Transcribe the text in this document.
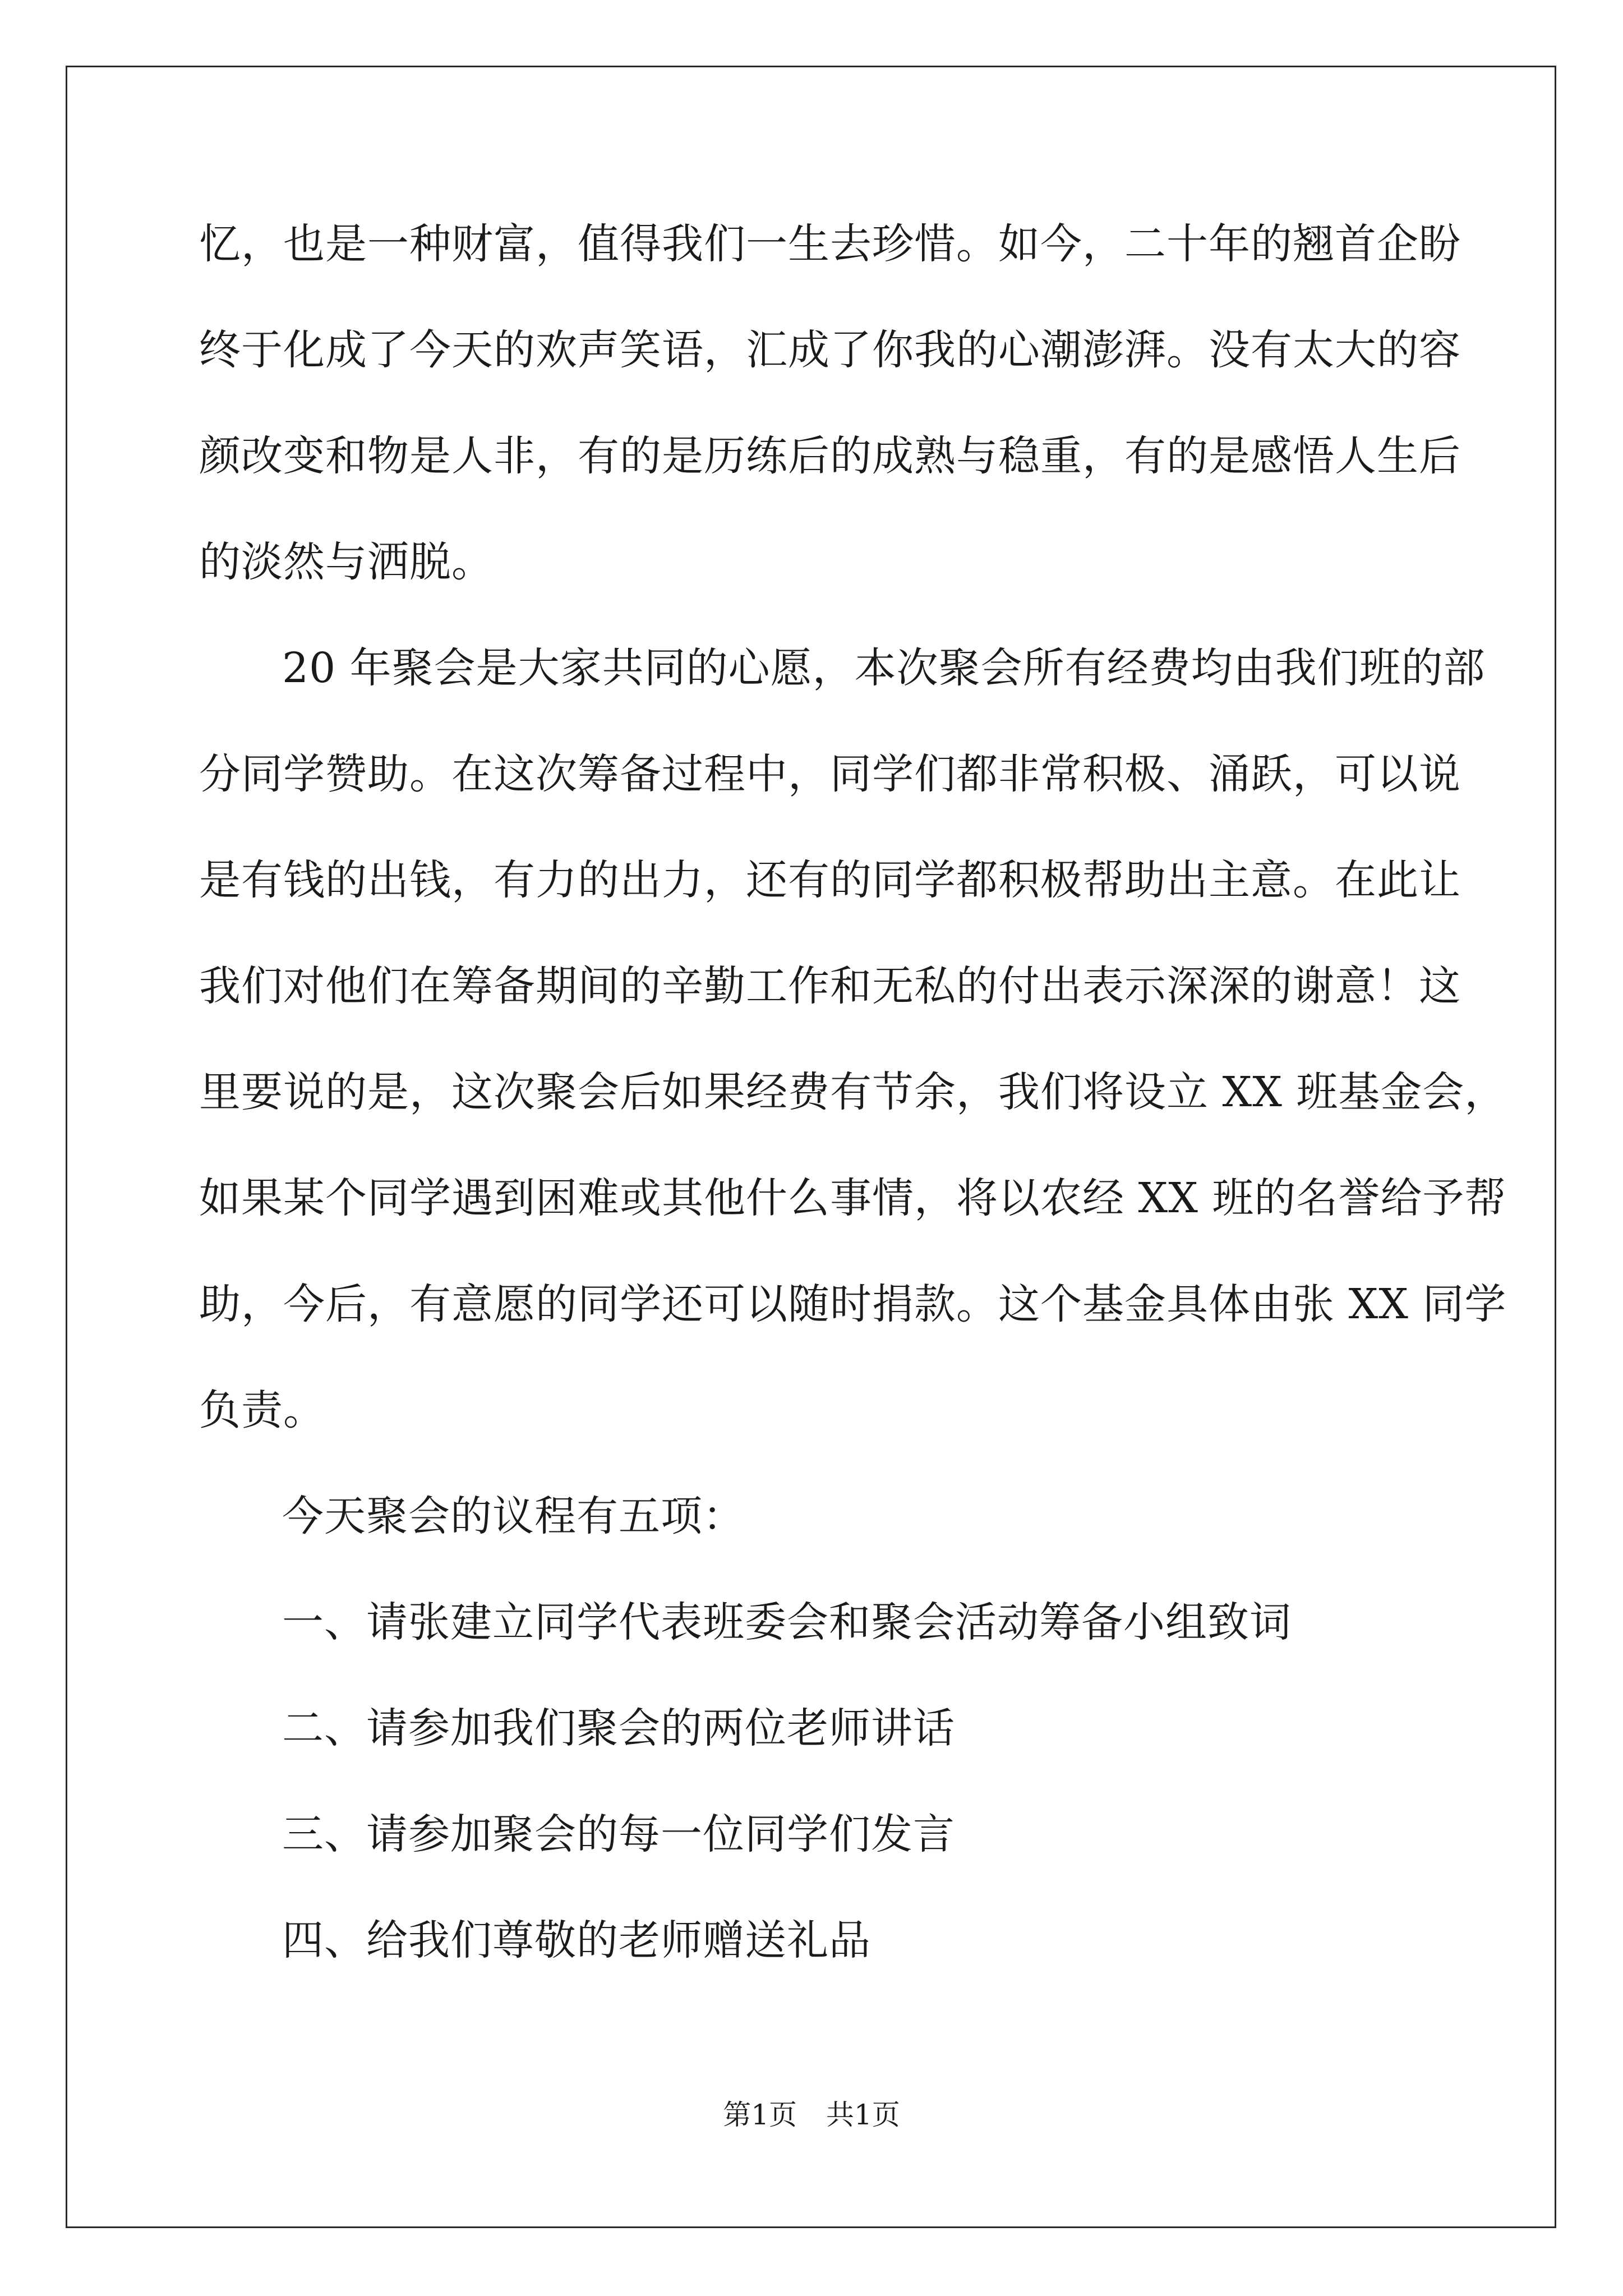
忆，也是一种财富，值得我们一生去珍惜。如今，二十年的翘首企盼
终于化成了今天的欢声笑语，汇成了你我的心潮澎湃。没有太大的容
颜改变和物是人非，有的是历练后的成熟与稳重，有的是感悟人生后
的淡然与洒脱。
20 年聚会是大家共同的心愿，本次聚会所有经费均由我们班的部
分同学赞助。在这次筹备过程中，同学们都非常积极、涌跃，可以说
是有钱的出钱，有力的出力，还有的同学都积极帮助出主意。在此让
我们对他们在筹备期间的辛勤工作和无私的付出表示深深的谢意！这
里要说的是，这次聚会后如果经费有节余，我们将设立 XX 班基金会，
如果某个同学遇到困难或其他什么事情，将以农经 XX 班的名誉给予帮
助，今后，有意愿的同学还可以随时捐款。这个基金具体由张 XX 同学
负责。
今天聚会的议程有五项：
一、请张建立同学代表班委会和聚会活动筹备小组致词
二、请参加我们聚会的两位老师讲话
三、请参加聚会的每一位同学们发言
四、给我们尊敬的老师赠送礼品
第1页 共1页
